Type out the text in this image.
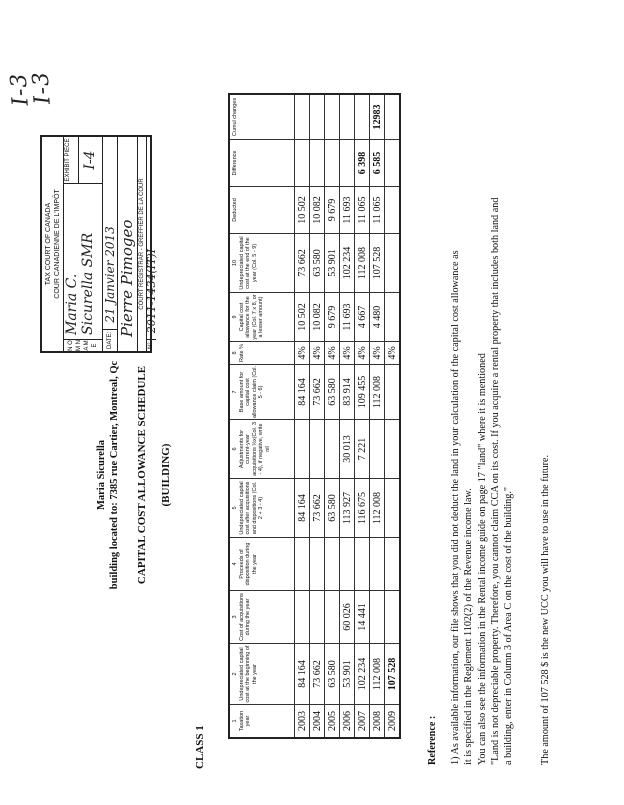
I-3
I-3
TAX COURT OF CANADA COUR CANADIENNE DE L'IMPÔT
N O M N A M E
Maria C. Sicurella SMR
EXHIBIT PIÈCE I-4
DATE:
21 Janvier 2013 Pierre Pimogeo COURT REGISTRAR - GREFFIER DE LA COUR
N°
2011-1434(IT)I
Maria Sicurella building located to: 7385 rue Cartier, Montreal, Qc CAPITAL COST ALLOWANCE SCHEDULE (BUILDING)
CLASS 1
1 Taxation year	2 Undepreciated capital cost at the beginning of the year	3 Cost of acquisitions during the year	4 Proceeds of disposition during the year	5 Undepreciated capital cost after acquisitions and dispositions (Col. 2 + 3 - 4)	6 Adjustments for current-year acquisitions ½x(Col. 3 - 4), if negative, write nil	7 Base amount for capital cost allowance claim (Col. 5 - 6)	8 Rate %	9 Capital cost allowance for the year (Col. 7 x 8, or a lesser amount)	10 Undepreciated capital cost at the end of the year (Col. 5 - 9)	Deducted	Difference	Cumul changes
2003	84 164			84 164		84 164	4%	10 502	73 662	10 502		
2004	73 662			73 662		73 662	4%	10 082	63 580	10 082		
2005	63 580			63 580		63 580	4%	9 679	53 901	9 679		
2006	53 901	60 026		113 927	30 013	83 914	4%	11 693	102 234	11 693		
2007	102 234	14 441		116 675	7 221	109 455	4%	4 667	112 008	11 065	6 398	
2008	112 008			112 008		112 008	4%	4 480	107 528	11 065	6 585	12983
2009	107 528						4%					
Reference : 1) As available information, our file shows that you did not deduct the land in your calculation of the capital cost allowance as it is specified in the Reglement 1102(2) of the Revenue income law. You can also see the information in the Rental income guide on page 17 "land" where it is mentioned "Land is not depreciable property. Therefore, you cannot claim CCA on its cost. If you acquire a rental property that includes both land and a building, enter in Column 3 of Area C on the cost of the building."	The amount of 107 528 $ is the new UCC you will have to use in the future.
